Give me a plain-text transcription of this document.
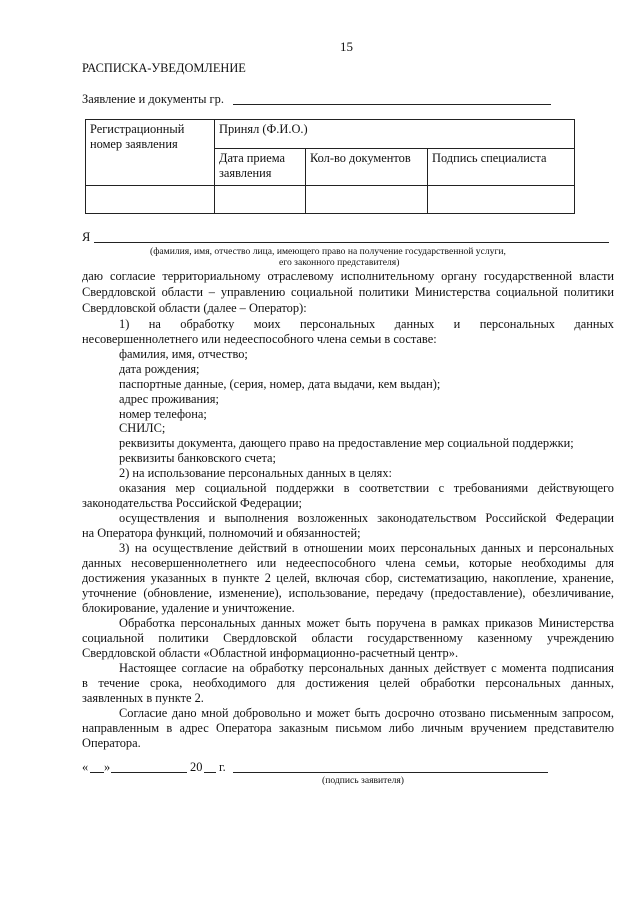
15
РАСПИСКА-УВЕДОМЛЕНИЕ
Заявление и документы гр.
Регистрационный номер заявления	Принял (Ф.И.О.)		
	Дата приема заявления	Кол-во документов	Подпись специалиста

Я
(фамилия, имя, отчество лица, имеющего право на получение государственной услуги,
его законного представителя)
даю согласие территориальному отраслевому исполнительному органу государственной власти
Свердловской области – управлению социальной политики Министерства социальной политики
Свердловской области (далее – Оператор):
1)    на    обработку    моих    персональных    данных    и    персональных    данных
несовершеннолетнего или недееспособного члена семьи в составе:
фамилия, имя, отчество;
дата рождения;
паспортные данные, (серия, номер, дата выдачи, кем выдан);
адрес проживания;
номер телефона;
СНИЛС;
реквизиты документа, дающего право на предоставление мер социальной поддержки;
реквизиты банковского счета;
2) на использование персональных данных в целях:
оказания мер социальной поддержки в соответствии с требованиями действующего
законодательства Российской Федерации;
осуществления и выполнения возложенных законодательством Российской Федерации
на Оператора функций, полномочий и обязанностей;
3) на осуществление действий в отношении моих персональных данных и персональных
данных несовершеннолетнего или недееспособного члена семьи, которые необходимы для
достижения указанных в пункте 2 целей, включая сбор, систематизацию, накопление, хранение,
уточнение (обновление, изменение), использование, передачу (предоставление), обезличивание,
блокирование, удаление и уничтожение.
Обработка персональных данных может быть поручена в рамках приказов Министерства
социальной политики Свердловской области государственному казенному учреждению
Свердловской области «Областной информационно-расчетный центр».
Настоящее согласие на обработку персональных данных действует с момента подписания
в течение срока, необходимого для достижения целей обработки персональных данных,
заявленных в пункте 2.
Согласие дано мной добровольно и может быть досрочно отозвано письменным запросом,
направленным в адрес Оператора заказным письмом либо личным вручением представителю
Оператора.
« »	20 г.
(подпись заявителя)
